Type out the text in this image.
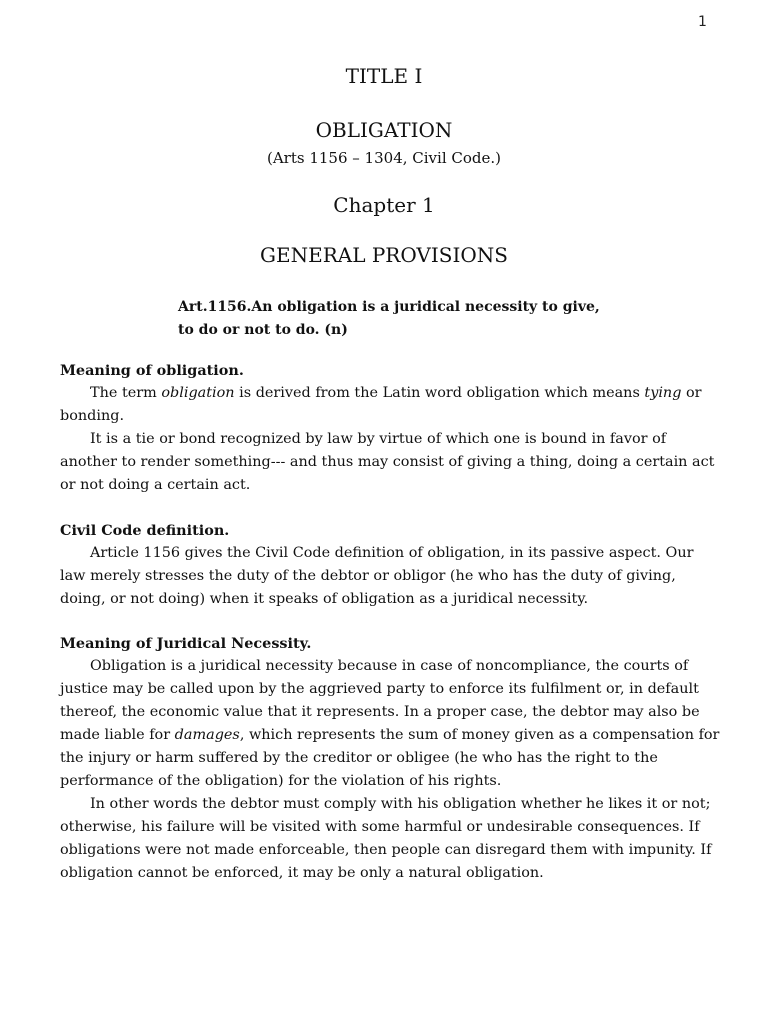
1
TITLE I
OBLIGATION
(Arts 1156 – 1304, Civil Code.)
Chapter 1
GENERAL PROVISIONS
Art.1156.An obligation is a juridical necessity to give,
to do or not to do. (n)
Meaning of obligation.

The term obligation is derived from the Latin word obligation which means tying or bonding.

It is a tie or bond recognized by law by virtue of which one is bound in favor of another to render something--- and thus may consist of giving a thing, doing a certain act or not doing a certain act.

Civil Code definition.

Article 1156 gives the Civil Code definition of obligation, in its passive aspect. Our law merely stresses the duty of the debtor or obligor (he who has the duty of giving, doing, or not doing) when it speaks of obligation as a juridical necessity.

Meaning of Juridical Necessity.

Obligation is a juridical necessity because in case of noncompliance, the courts of justice may be called upon by the aggrieved party to enforce its fulfilment or, in default thereof, the economic value that it represents. In a proper case, the debtor may also be made liable for damages, which represents the sum of money given as a compensation for the injury or harm suffered by the creditor or obligee (he who has the right to the performance of the obligation) for the violation of his rights.

In other words the debtor must comply with his obligation whether he likes it or not; otherwise, his failure will be visited with some harmful or undesirable consequences. If obligations were not made enforceable, then people can disregard them with impunity. If obligation cannot be enforced, it may be only a natural obligation.
